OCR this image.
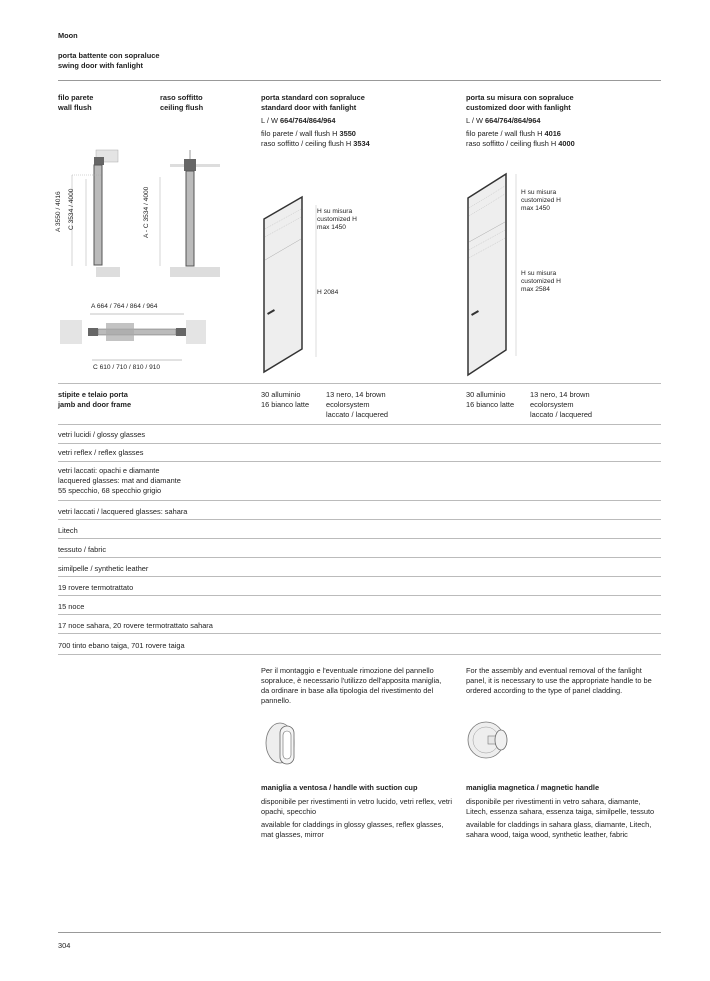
Moon
porta battente con sopraluce
swing door with fanlight
filo parete
wall flush
raso soffitto
ceiling flush
A 3550 / 4016 C 3534 / 4000	A - C 3534 / 4000
A 664 / 764 / 864 / 964
C 610 / 710 / 810 / 910
porta standard con sopraluce
standard door with fanlight
L / W 664/764/864/964
filo parete / wall flush H 3550
raso soffitto / ceiling flush H 3534
H su misura
customized H
max 1450
H 2084
porta su misura con sopraluce
customized door with fanlight
L / W 664/764/864/964
filo parete / wall flush H 4016
raso soffitto / ceiling flush H 4000
H su misura
customized H
max 1450
H su misura
customized H
max 2584
stipite e telaio porta
jamb and door frame
30 alluminio
16 bianco latte
13 nero, 14 brown
ecolorsystem
laccato / lacquered
30 alluminio
16 bianco latte
13 nero, 14 brown
ecolorsystem
laccato / lacquered
vetri lucidi / glossy glasses
vetri reflex / reflex glasses
vetri laccati: opachi e diamante
lacquered glasses: mat and diamante
55 specchio, 68 specchio grigio
vetri laccati / lacquered glasses: sahara
Litech
tessuto / fabric
similpelle / synthetic leather
19 rovere termotrattato
15 noce
17 noce sahara, 20 rovere termotrattato sahara
700 tinto ebano taiga, 701 rovere taiga
Per il montaggio e l'eventuale rimozione del pannello sopraluce, è necessario l'utilizzo dell'apposita maniglia, da ordinare in base alla tipologia del rivestimento del pannello.
For the assembly and eventual removal of the fanlight panel, it is necessary to use the appropriate handle to be ordered according to the type of panel cladding.
maniglia a ventosa / handle with suction cup
disponibile per rivestimenti in vetro lucido, vetri reflex, vetri opachi, specchio
available for claddings in glossy glasses, reflex glasses, mat glasses, mirror
maniglia magnetica / magnetic handle
disponibile per rivestimenti in vetro sahara, diamante, Litech, essenza sahara, essenza taiga, similpelle, tessuto
available for claddings in sahara glass, diamante, Litech, sahara wood, taiga wood, synthetic leather, fabric
304
